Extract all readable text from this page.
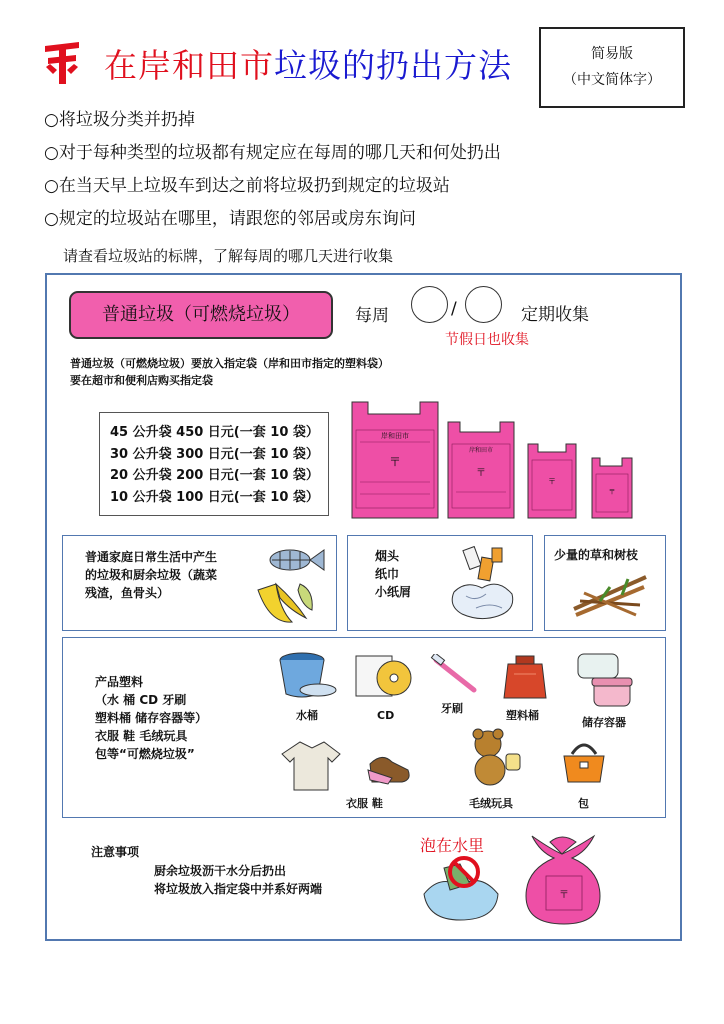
在岸和田市垃圾的扔出方法	简易版
（中文简体字）
○将垃圾分类并扔掉
○对于每种类型的垃圾都有规定应在每周的哪几天和何处扔出
○在当天早上垃圾车到达之前将垃圾扔到规定的垃圾站
○规定的垃圾站在哪里，请跟您的邻居或房东询问
请查看垃圾站的标牌，了解每周的哪几天进行收集
普通垃圾（可燃烧垃圾）	每周	/	定期收集
节假日也收集
普通垃圾（可燃烧垃圾）要放入指定袋（岸和田市指定的塑料袋）
要在超市和便利店购买指定袋
45 公升袋 450 日元(一套 10 袋）
30 公升袋 300 日元(一套 10 袋）
20 公升袋 200 日元(一套 10 袋）
10 公升袋 100 日元(一套 10 袋）
岸和田市
〒
岸和田市
〒
〒
〒
普通家庭日常生活中产生
的垃圾和厨余垃圾（蔬菜
残渣，鱼骨头）
烟头
纸巾
小纸屑
少量的草和树枝
产品塑料
（水 桶 CD 牙刷
塑料桶 储存容器等）
衣服 鞋 毛绒玩具
包等“可燃烧垃圾”
水桶	CD
牙刷
塑料桶
储存容器
衣服 鞋	毛绒玩具	包
注意事项
厨余垃圾沥干水分后扔出
将垃圾放入指定袋中并系好两端
泡在水里
〒
